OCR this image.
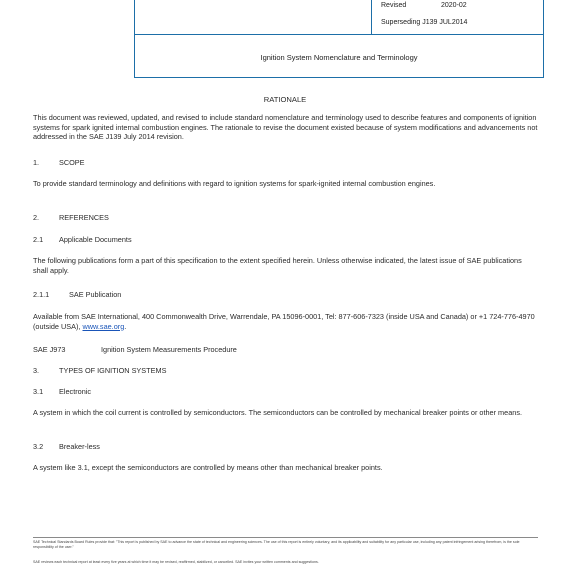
Revised	2020-02
Superseding J139 JUL2014
Ignition System Nomenclature and Terminology
RATIONALE
This document was reviewed, updated, and revised to include standard nomenclature and terminology used to describe features and components of ignition systems for spark ignited internal combustion engines. The rationale to revise the document existed because of system modifications and advancements not addressed in the SAE J139 July 2014 revision.
1.	SCOPE
To provide standard terminology and definitions with regard to ignition systems for spark-ignited internal combustion engines.
2.	REFERENCES
2.1 Applicable Documents
The following publications form a part of this specification to the extent specified herein. Unless otherwise indicated, the latest issue of SAE publications shall apply.
2.1.1	SAE Publication
Available from SAE International, 400 Commonwealth Drive, Warrendale, PA 15096-0001, Tel: 877-606-7323 (inside USA and Canada) or +1 724-776-4970 (outside USA), www.sae.org.
SAE J973	Ignition System Measurements Procedure
3.	TYPES OF IGNITION SYSTEMS
3.1 Electronic
A system in which the coil current is controlled by semiconductors. The semiconductors can be controlled by mechanical breaker points or other means.
3.2 Breaker-less
A system like 3.1, except the semiconductors are controlled by means other than mechanical breaker points.
SAE Technical Standards Board Rules provide that: "This report is published by SAE to advance the state of technical and engineering sciences. The use of this report is entirely voluntary, and its applicability and suitability for any particular use, including any patent infringement arising therefrom, is the sole responsibility of the user."
SAE reviews each technical report at least every five years at which time it may be revised, reaffirmed, stabilized, or cancelled. SAE invites your written comments and suggestions.
